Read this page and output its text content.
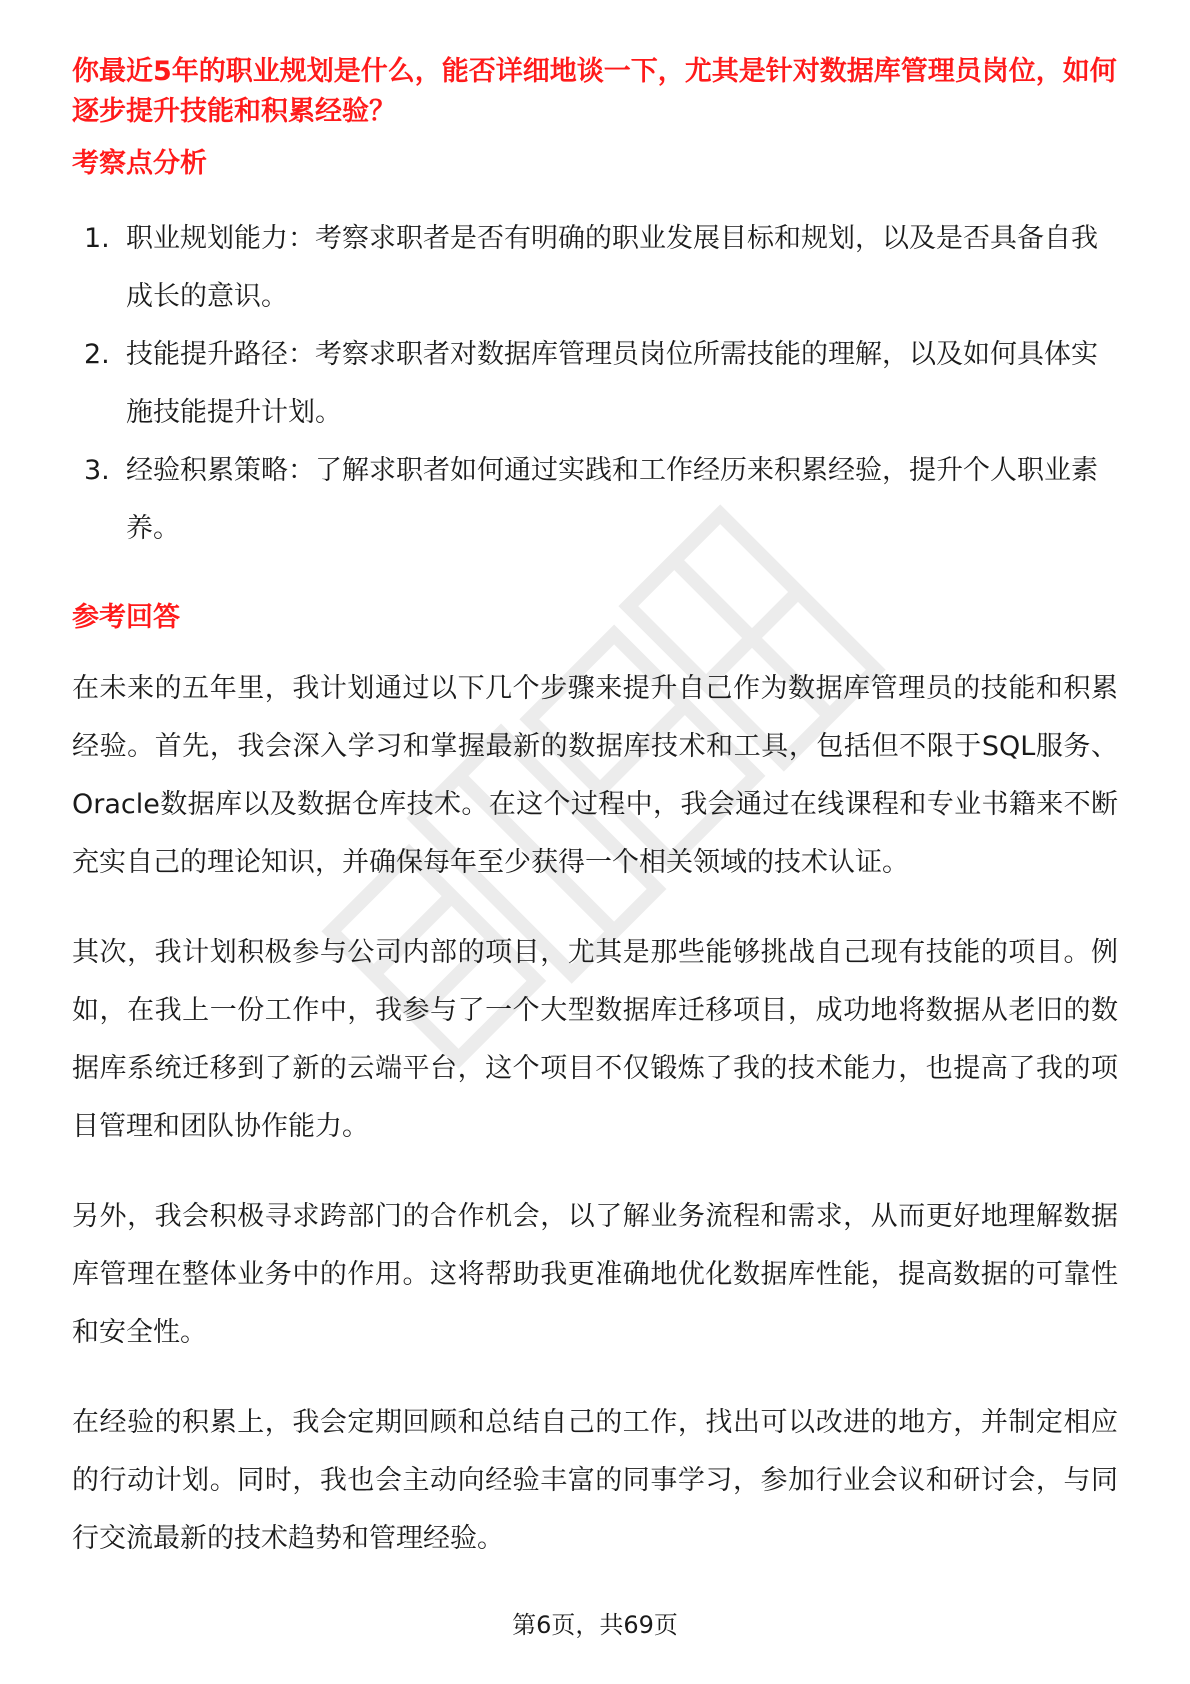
你最近5年的职业规划是什么，能否详细地谈一下，尤其是针对数据库管理员岗位，如何逐步提升技能和积累经验？

考察点分析
1. 职业规划能力：考察求职者是否有明确的职业发展目标和规划，以及是否具备自我成长的意识。
2. 技能提升路径：考察求职者对数据库管理员岗位所需技能的理解，以及如何具体实施技能提升计划。
3. 经验积累策略：了解求职者如何通过实践和工作经历来积累经验，提升个人职业素养。
参考回答

在未来的五年里，我计划通过以下几个步骤来提升自己作为数据库管理员的技能和积累经验。首先，我会深入学习和掌握最新的数据库技术和工具，包括但不限于SQL服务、Oracle数据库以及数据仓库技术。在这个过程中，我会通过在线课程和专业书籍来不断充实自己的理论知识，并确保每年至少获得一个相关领域的技术认证。

其次，我计划积极参与公司内部的项目，尤其是那些能够挑战自己现有技能的项目。例如，在我上一份工作中，我参与了一个大型数据库迁移项目，成功地将数据从老旧的数据库系统迁移到了新的云端平台，这个项目不仅锻炼了我的技术能力，也提高了我的项目管理和团队协作能力。

另外，我会积极寻求跨部门的合作机会，以了解业务流程和需求，从而更好地理解数据库管理在整体业务中的作用。这将帮助我更准确地优化数据库性能，提高数据的可靠性和安全性。

在经验的积累上，我会定期回顾和总结自己的工作，找出可以改进的地方，并制定相应的行动计划。同时，我也会主动向经验丰富的同事学习，参加行业会议和研讨会，与同行交流最新的技术趋势和管理经验。

第6页，共69页
